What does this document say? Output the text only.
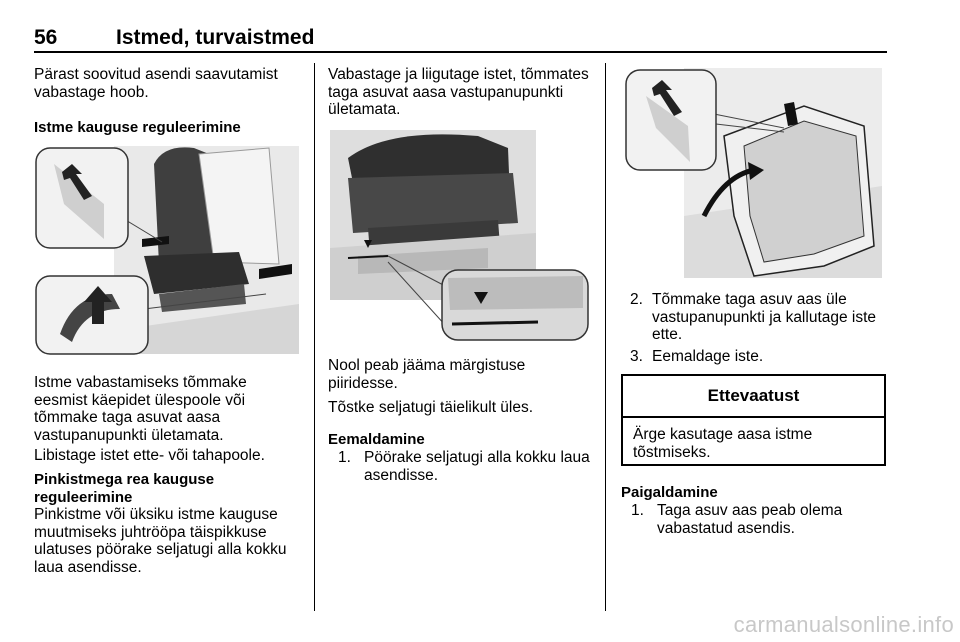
56	Istmed, turvaistmed
Pärast soovitud asendi saavutamist vabastage hoob.
Istme kauguse reguleerimine
Istme vabastamiseks tõmmake eesmist käepidet ülespoole või tõmmake taga asuvat aasa vastupanupunkti ületamata.
Libistage istet ette- või tahapoole.
Pinkistmega rea kauguse reguleerimine
Pinkistme või üksiku istme kauguse muutmiseks juhtrööpa täispikkuse ulatuses pöörake seljatugi alla kokku laua asendisse.
Vabastage ja liigutage istet, tõmmates taga asuvat aasa vastupanupunkti ületamata.
Nool peab jääma märgistuse piiridesse.
Tõstke seljatugi täielikult üles.
Eemaldamine
1. Pöörake seljatugi alla kokku laua asendisse.
2. Tõmmake taga asuv aas üle vastupanupunkti ja kallutage iste ette.
3. Eemaldage iste.
Ettevaatust
Ärge kasutage aasa istme tõstmiseks.
Paigaldamine
1. Taga asuv aas peab olema vabastatud asendis.
carmanualsonline.info
